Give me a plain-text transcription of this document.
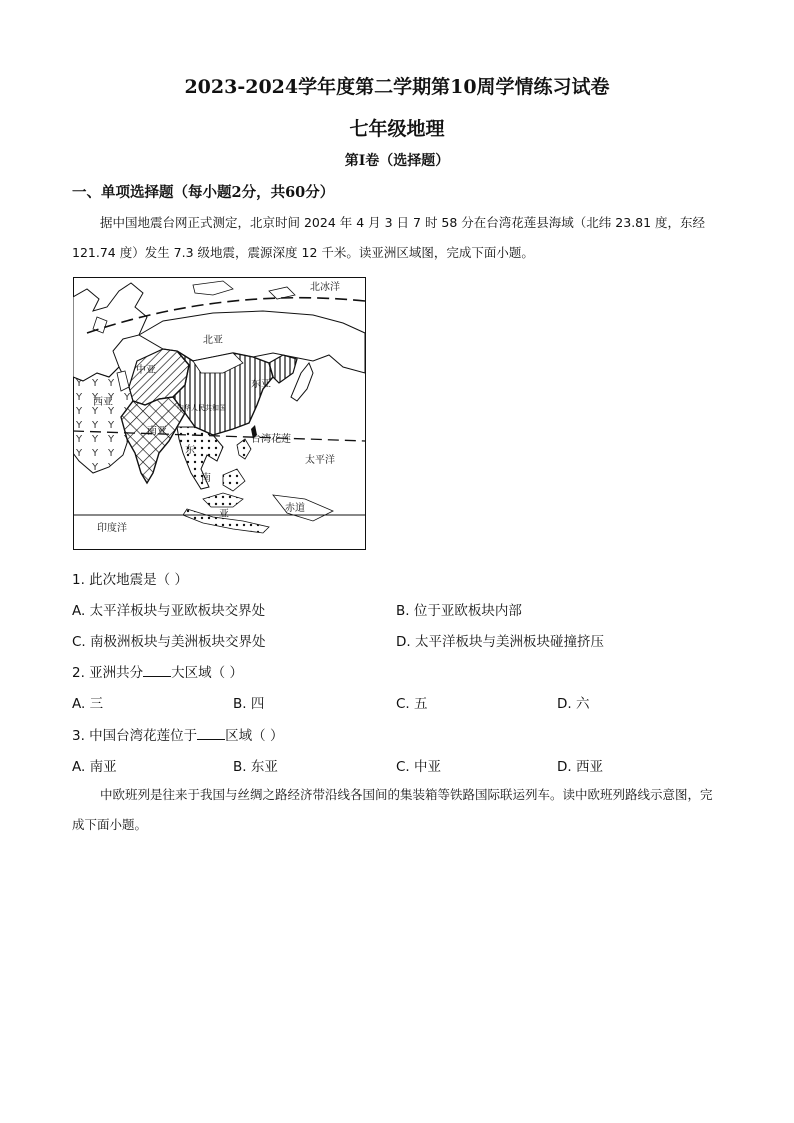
2023-2024学年度第二学期第10周学情练习试卷
七年级地理
第Ⅰ卷（选择题）
一、单项选择题（每小题2分，共60分）
据中国地震台网正式测定，北京时间 2024 年 4 月 3 日 7 时 58 分在台湾花莲县海域（北纬 23.81 度，东经 121.74 度）发生 7.3 级地震，震源深度 12 千米。读亚洲区域图，完成下面小题。
北冰洋
北亚
中亚
西亚
东亚
中华人民共和国
南亚
台湾花莲
太平洋
东
南
亚
赤道
印度洋
1. 此次地震是（ ）
A. 太平洋板块与亚欧板块交界处	B. 位于亚欧板块内部
C. 南极洲板块与美洲板块交界处	D. 太平洋板块与美洲板块碰撞挤压
2. 亚洲共分 大区域（ ）
A. 三	B. 四	C. 五	D. 六
3. 中国台湾花莲位于 区域（ ）
A. 南亚	B. 东亚	C. 中亚	D. 西亚
中欧班列是往来于我国与丝绸之路经济带沿线各国间的集装箱等铁路国际联运列车。读中欧班列路线示意图，完成下面小题。
